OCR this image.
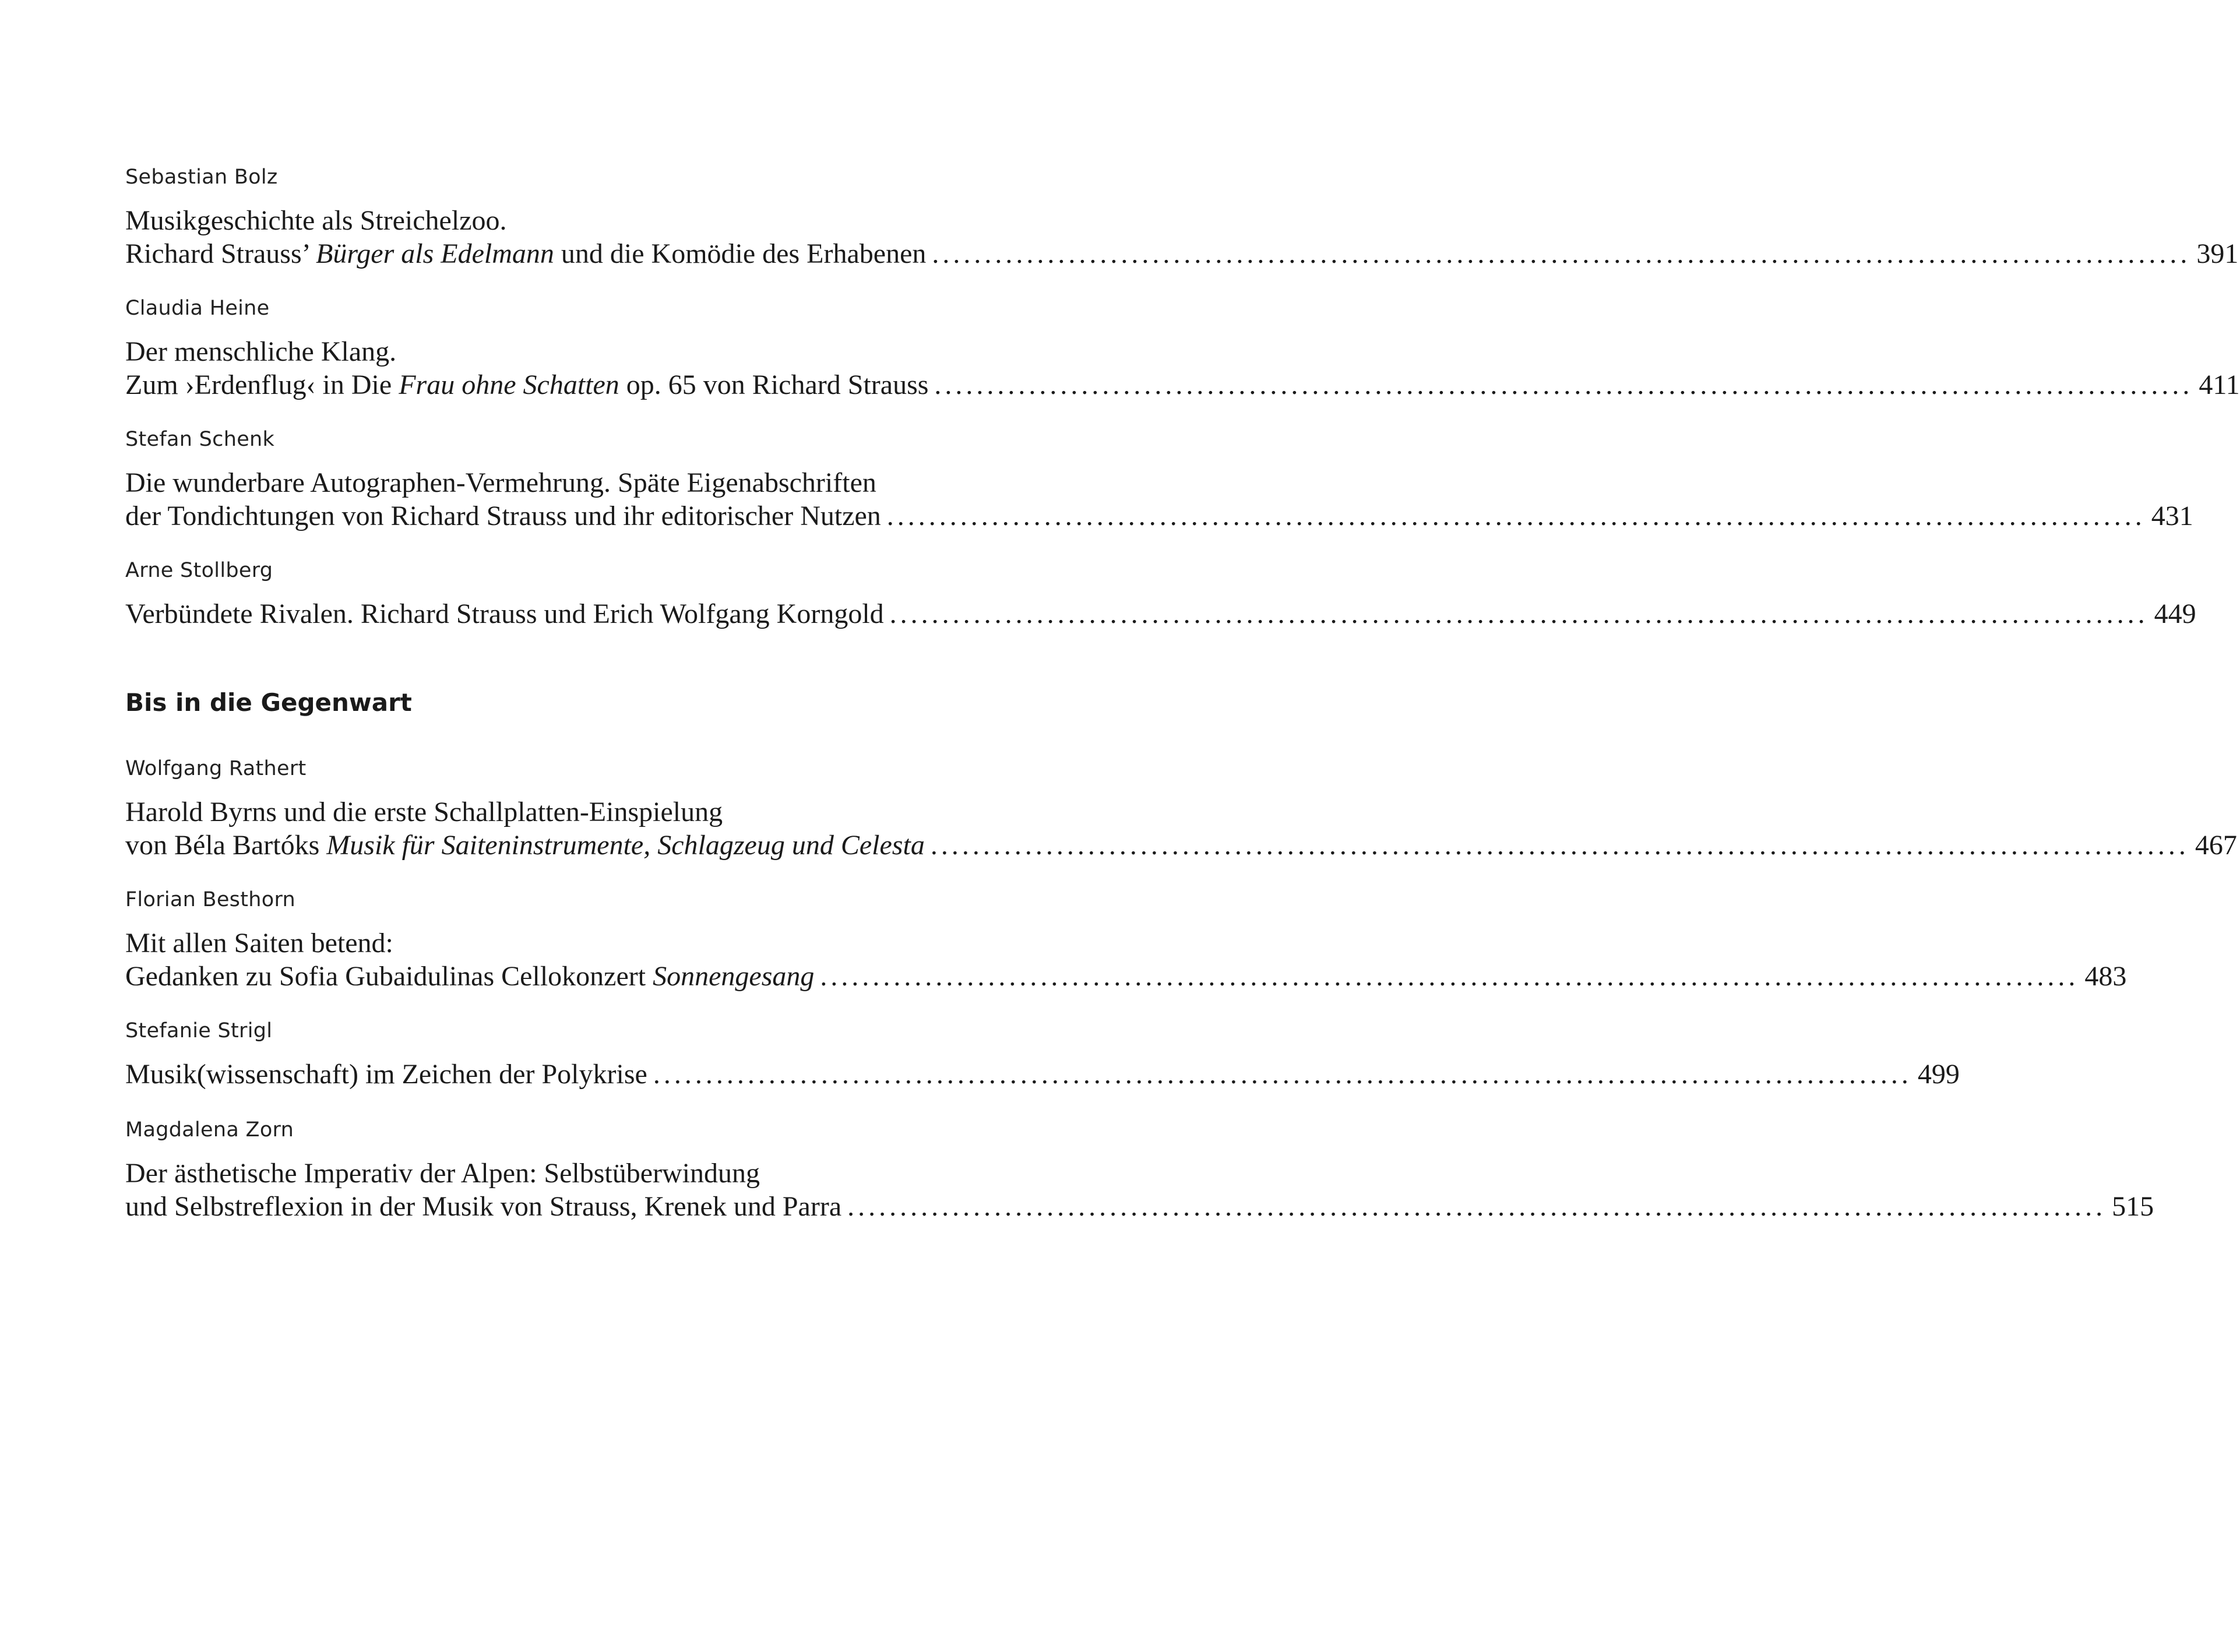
Sebastian Bolz

Musikgeschichte als Streichelzoo.
Richard Strauss’ Bürger als Edelmann und die Komödie des Erhabenen ........................................................................................................................ 391

Claudia Heine

Der menschliche Klang.
Zum ›Erdenflug‹ in Die Frau ohne Schatten op. 65 von Richard Strauss ........................................................................................................................ 411

Stefan Schenk

Die wunderbare Autographen-Vermehrung. Späte Eigenabschriften
der Tondichtungen von Richard Strauss und ihr editorischer Nutzen ........................................................................................................................ 431

Arne Stollberg

Verbündete Rivalen. Richard Strauss und Erich Wolfgang Korngold ........................................................................................................................ 449
Bis in die Gegenwart

Wolfgang Rathert

Harold Byrns und die erste Schallplatten-Einspielung
von Béla Bartóks Musik für Saiteninstrumente, Schlagzeug und Celesta ........................................................................................................................ 467

Florian Besthorn

Mit allen Saiten betend:
Gedanken zu Sofia Gubaidulinas Cellokonzert Sonnengesang ........................................................................................................................ 483

Stefanie Strigl

Musik(wissenschaft) im Zeichen der Polykrise ........................................................................................................................ 499

Magdalena Zorn

Der ästhetische Imperativ der Alpen: Selbstüberwindung
und Selbstreflexion in der Musik von Strauss, Krenek und Parra ........................................................................................................................ 515
